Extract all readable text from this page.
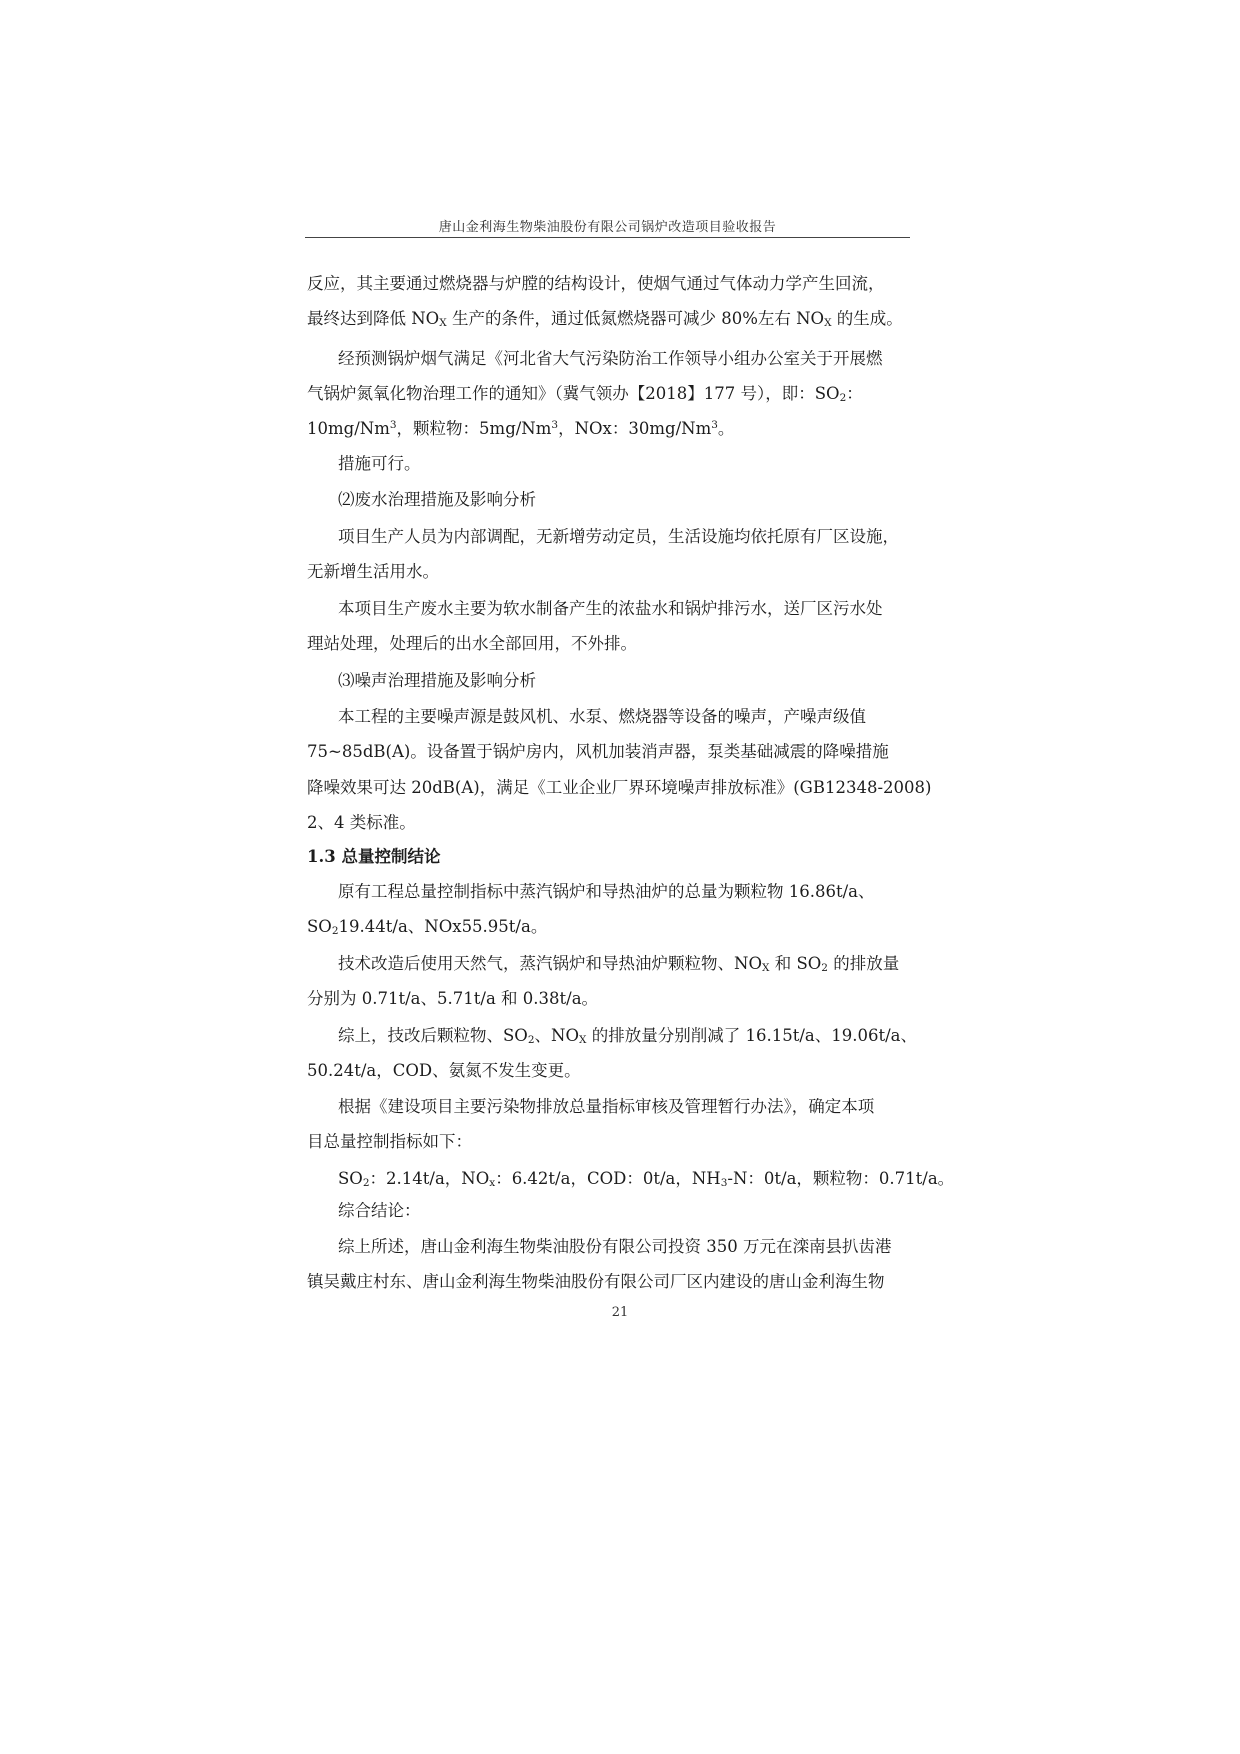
唐山金利海生物柴油股份有限公司锅炉改造项目验收报告
反应，其主要通过燃烧器与炉膛的结构设计，使烟气通过气体动力学产生回流，
最终达到降低 $NO_X$ 生产的条件，通过低氮燃烧器可减少 80%左右 $NO_X$ 的生成。
经预测锅炉烟气满足《河北省大气污染防治工作领导小组办公室关于开展燃
气锅炉氮氧化物治理工作的通知》（冀气领办【2018】177 号），即：$SO_2$：
10mg/Nm$^3$，颗粒物：5mg/Nm$^3$，NOx：30mg/Nm$^3$。
措施可行。
⑵废水治理措施及影响分析
项目生产人员为内部调配，无新增劳动定员，生活设施均依托原有厂区设施，
无新增生活用水。
本项目生产废水主要为软水制备产生的浓盐水和锅炉排污水，送厂区污水处
理站处理，处理后的出水全部回用，不外排。
⑶噪声治理措施及影响分析
本工程的主要噪声源是鼓风机、水泵、燃烧器等设备的噪声，产噪声级值
75~85dB(A)。设备置于锅炉房内，风机加装消声器，泵类基础减震的降噪措施
降噪效果可达 20dB(A)，满足《工业企业厂界环境噪声排放标准》(GB12348-2008)
2、4 类标准。
1.3 总量控制结论
原有工程总量控制指标中蒸汽锅炉和导热油炉的总量为颗粒物 16.86t/a、
$SO_219.44t/a$、NOx55.95t/a。
技术改造后使用天然气，蒸汽锅炉和导热油炉颗粒物、$NO_X$ 和 $SO_2$ 的排放量
分别为 0.71t/a、5.71t/a 和 0.38t/a。
综上，技改后颗粒物、$SO_2$、$NO_X$ 的排放量分别削减了 16.15t/a、19.06t/a、
50.24t/a，COD、氨氮不发生变更。
根据《建设项目主要污染物排放总量指标审核及管理暂行办法》，确定本项
目总量控制指标如下：
$SO_2$：2.14t/a，$NO_x$：6.42t/a，COD：0t/a，$NH_3-N$：0t/a，颗粒物：0.71t/a。
综合结论：
综上所述，唐山金利海生物柴油股份有限公司投资 350 万元在滦南县扒齿港
镇吴戴庄村东、唐山金利海生物柴油股份有限公司厂区内建设的唐山金利海生物
21
